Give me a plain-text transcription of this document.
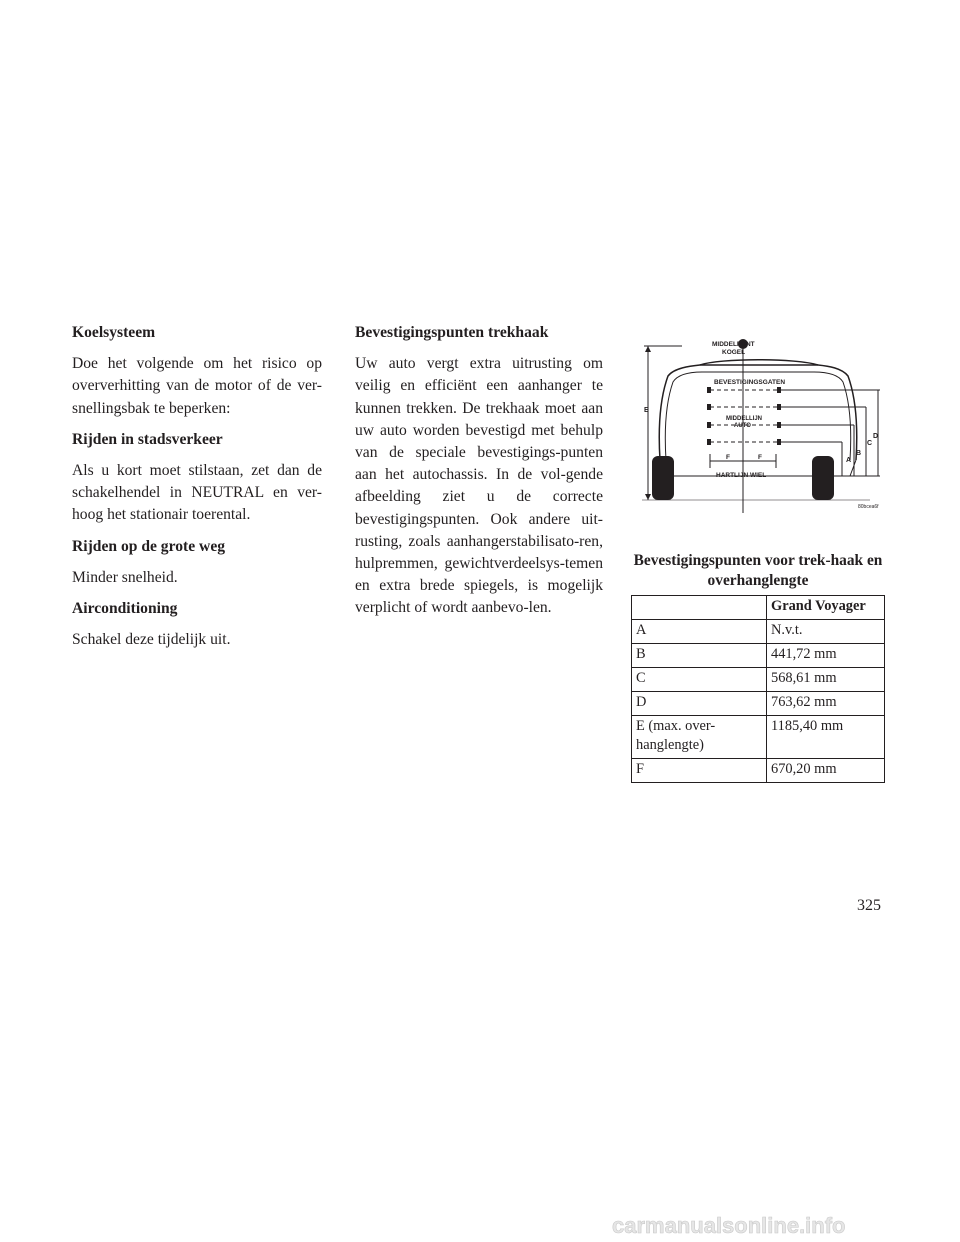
Koelsysteem

Doe het volgende om het risico op oververhitting van de motor of de ver-snellingsbak te beperken:

Rijden in stadsverkeer

Als u kort moet stilstaan, zet dan de schakelhendel in NEUTRAL en ver-hoog het stationair toerental.

Rijden op de grote weg

Minder snelheid.

Airconditioning

Schakel deze tijdelijk uit.

Bevestigingspunten trekhaak

Uw auto vergt extra uitrusting om veilig en efficiënt een aanhanger te kunnen trekken. De trekhaak moet aan uw auto worden bevestigd met behulp van de speciale bevestigings-punten aan het autochassis. In de vol-gende afbeelding ziet u de correcte bevestigingspunten. Ook andere uit-rusting, zoals aanhangerstabilisato-ren, hulpremmen, gewichtverdeelsys-temen en extra brede spiegels, is mogelijk verplicht of wordt aanbevo-len.

MIDDELPUNT
KOGEL
BEVESTIGINGSGATEN
MIDDELLIJN
AUTO
HARTLIJN WIEL
E
A
B
C
D
F	F
80bcea6f
Bevestigingspunten voor trek-haak en overhanglengte
	Grand Voyager
A	N.v.t.
B	441,72 mm
C	568,61 mm
D	763,62 mm
E (max. over-hanglengte)	1185,40 mm
F	670,20 mm
325
carmanualsonline.info
